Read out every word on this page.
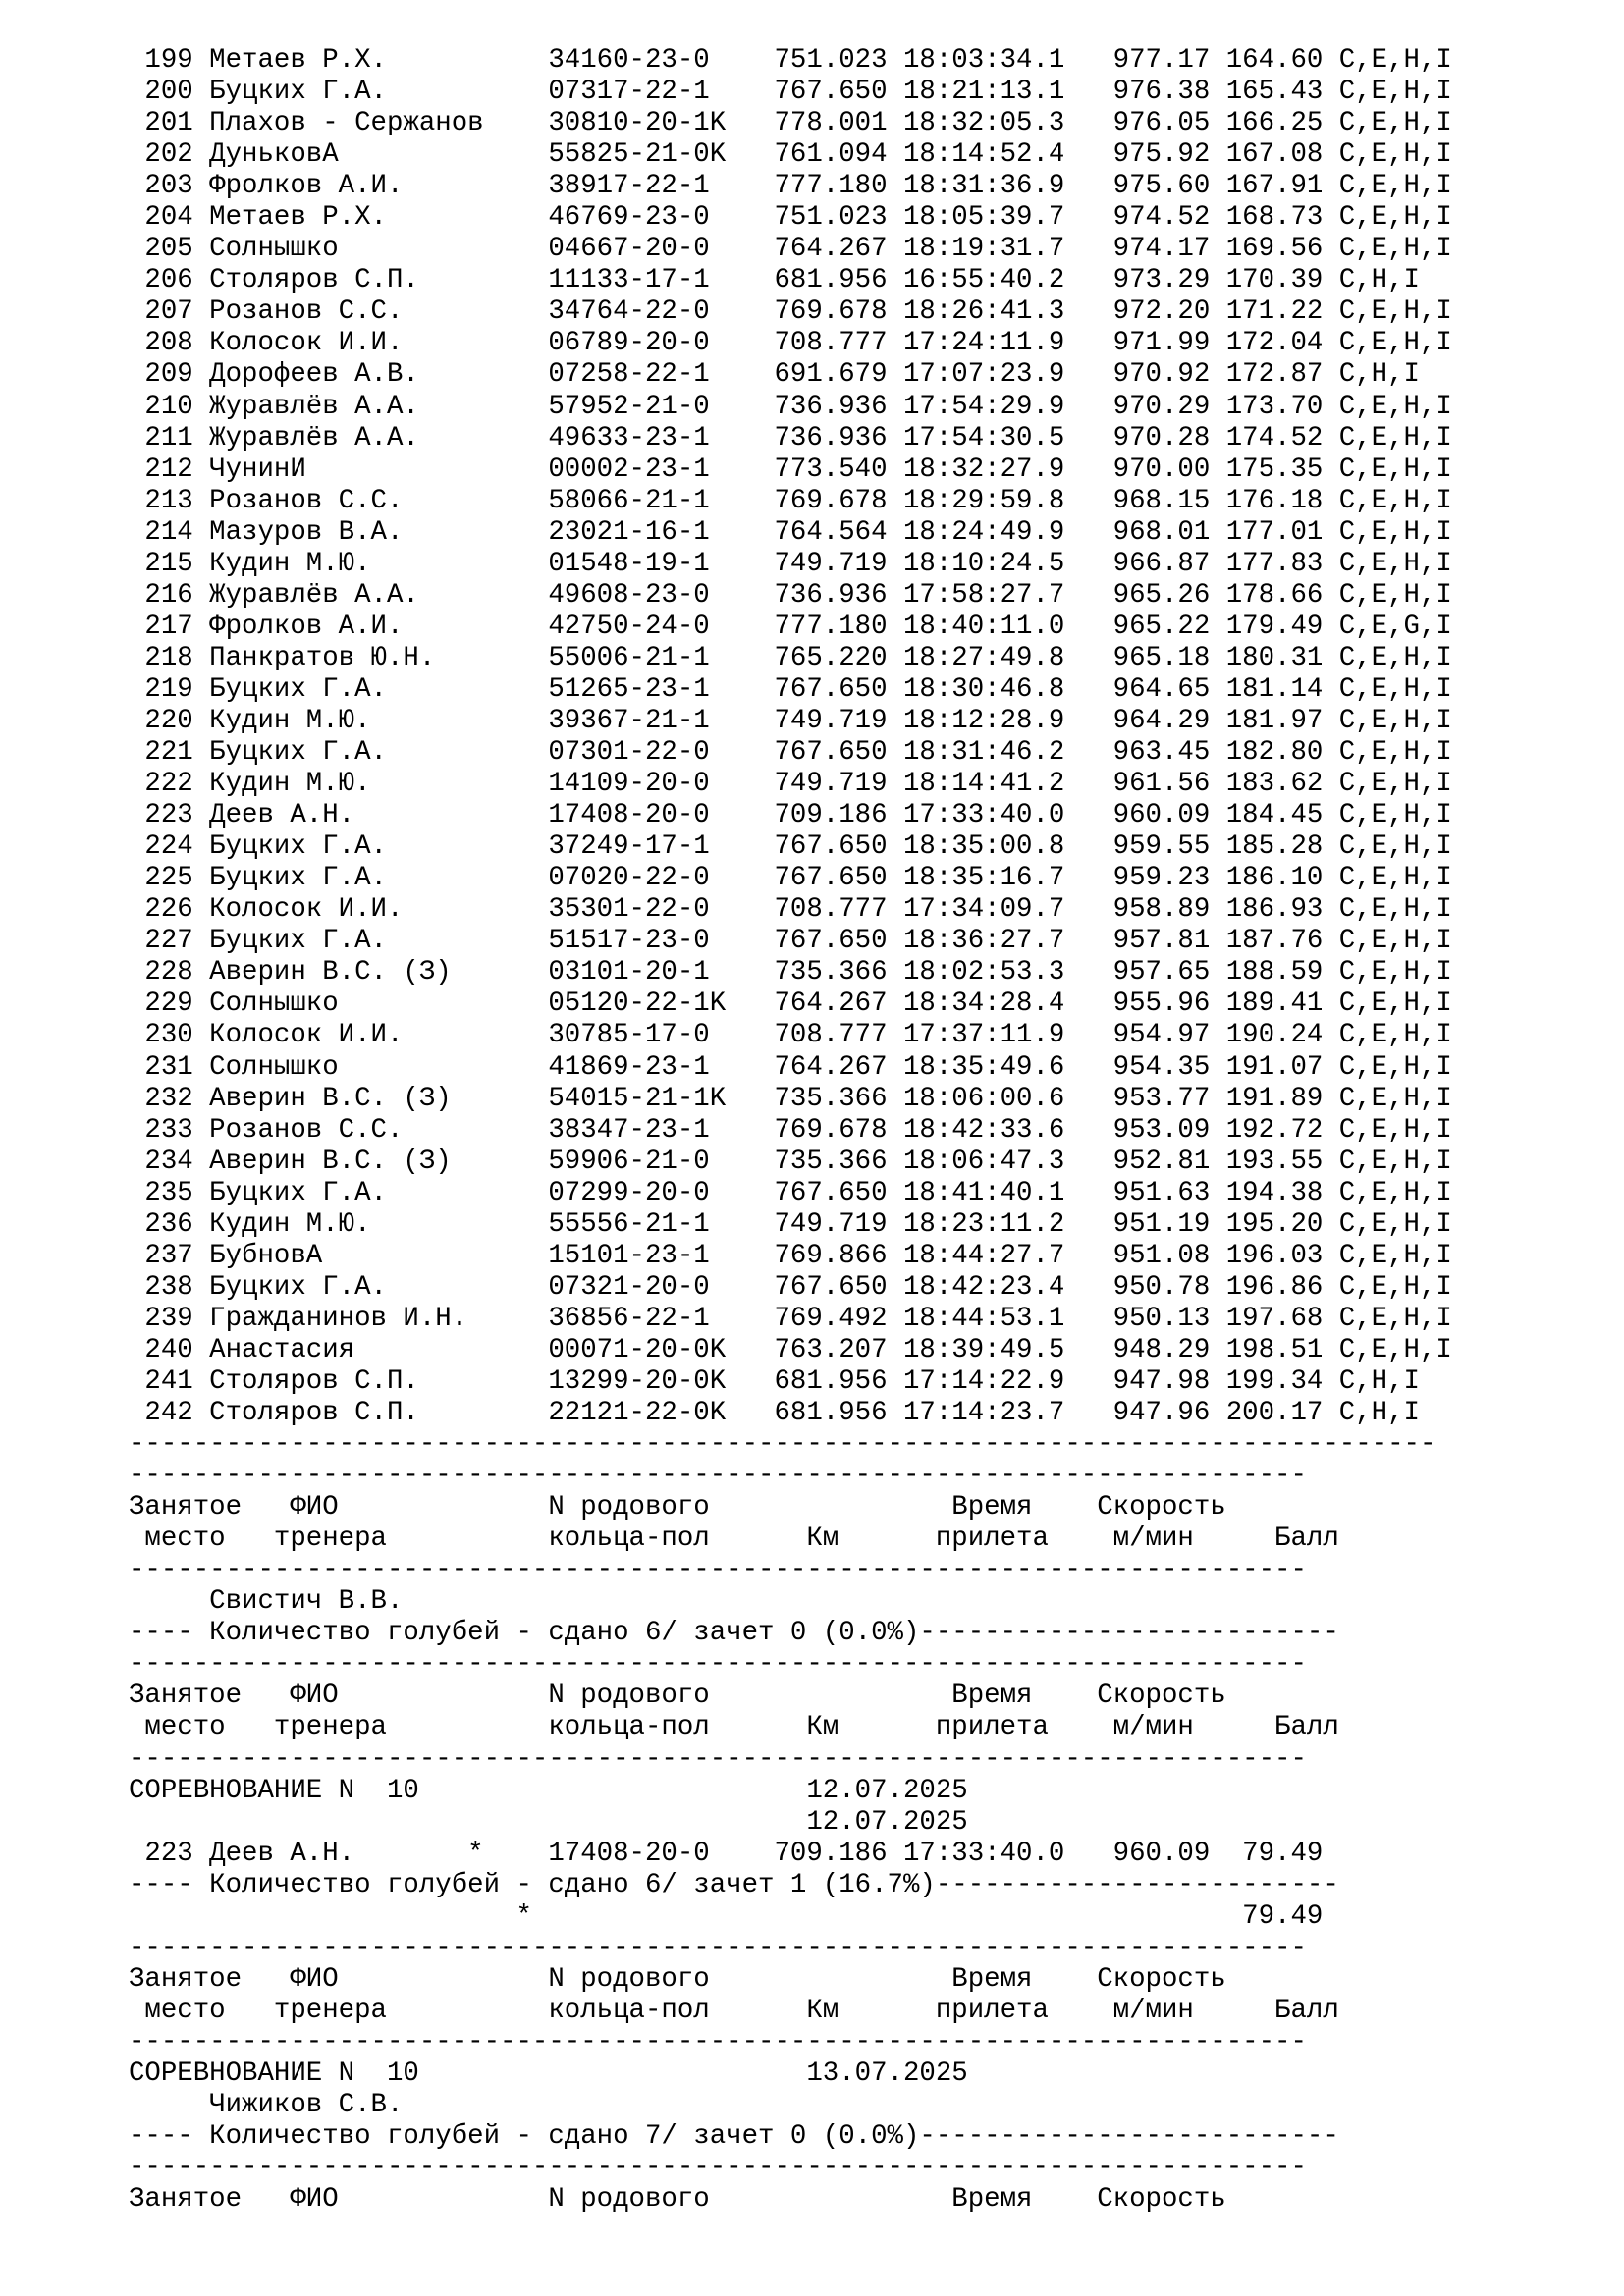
199 Метаев Р.Х.          34160-23-0    751.023 18:03:34.1   977.17 164.60 C,E,H,I
200 Буцких Г.А.          07317-22-1    767.650 18:21:13.1   976.38 165.43 C,E,H,I
201 Плахов - Сержанов    30810-20-1K   778.001 18:32:05.3   976.05 166.25 C,E,H,I
202 ДуньковА             55825-21-0K   761.094 18:14:52.4   975.92 167.08 C,E,H,I
203 Фролков А.И.         38917-22-1    777.180 18:31:36.9   975.60 167.91 C,E,H,I
204 Метаев Р.Х.          46769-23-0    751.023 18:05:39.7   974.52 168.73 C,E,H,I
205 Солнышко             04667-20-0    764.267 18:19:31.7   974.17 169.56 C,E,H,I
206 Столяров С.П.        11133-17-1    681.956 16:55:40.2   973.29 170.39 C,H,I
207 Розанов С.С.         34764-22-0    769.678 18:26:41.3   972.20 171.22 C,E,H,I
208 Колосок И.И.         06789-20-0    708.777 17:24:11.9   971.99 172.04 C,E,H,I
209 Дорофеев А.В.        07258-22-1    691.679 17:07:23.9   970.92 172.87 C,H,I
210 Журавлёв А.А.        57952-21-0    736.936 17:54:29.9   970.29 173.70 C,E,H,I
211 Журавлёв А.А.        49633-23-1    736.936 17:54:30.5   970.28 174.52 C,E,H,I
212 ЧунинИ               00002-23-1    773.540 18:32:27.9   970.00 175.35 C,E,H,I
213 Розанов С.С.         58066-21-1    769.678 18:29:59.8   968.15 176.18 C,E,H,I
214 Мазуров В.А.         23021-16-1    764.564 18:24:49.9   968.01 177.01 C,E,H,I
215 Кудин М.Ю.           01548-19-1    749.719 18:10:24.5   966.87 177.83 C,E,H,I
216 Журавлёв А.А.        49608-23-0    736.936 17:58:27.7   965.26 178.66 C,E,H,I
217 Фролков А.И.         42750-24-0    777.180 18:40:11.0   965.22 179.49 C,E,G,I
218 Панкратов Ю.Н.       55006-21-1    765.220 18:27:49.8   965.18 180.31 C,E,H,I
219 Буцких Г.А.          51265-23-1    767.650 18:30:46.8   964.65 181.14 C,E,H,I
220 Кудин М.Ю.           39367-21-1    749.719 18:12:28.9   964.29 181.97 C,E,H,I
221 Буцких Г.А.          07301-22-0    767.650 18:31:46.2   963.45 182.80 C,E,H,I
222 Кудин М.Ю.           14109-20-0    749.719 18:14:41.2   961.56 183.62 C,E,H,I
223 Деев А.Н.            17408-20-0    709.186 17:33:40.0   960.09 184.45 C,E,H,I
224 Буцких Г.А.          37249-17-1    767.650 18:35:00.8   959.55 185.28 C,E,H,I
225 Буцких Г.А.          07020-22-0    767.650 18:35:16.7   959.23 186.10 C,E,H,I
226 Колосок И.И.         35301-22-0    708.777 17:34:09.7   958.89 186.93 C,E,H,I
227 Буцких Г.А.          51517-23-0    767.650 18:36:27.7   957.81 187.76 C,E,H,I
228 Аверин В.С. (З)      03101-20-1    735.366 18:02:53.3   957.65 188.59 C,E,H,I
229 Солнышко             05120-22-1K   764.267 18:34:28.4   955.96 189.41 C,E,H,I
230 Колосок И.И.         30785-17-0    708.777 17:37:11.9   954.97 190.24 C,E,H,I
231 Солнышко             41869-23-1    764.267 18:35:49.6   954.35 191.07 C,E,H,I
232 Аверин В.С. (З)      54015-21-1K   735.366 18:06:00.6   953.77 191.89 C,E,H,I
233 Розанов С.С.         38347-23-1    769.678 18:42:33.6   953.09 192.72 C,E,H,I
234 Аверин В.С. (З)      59906-21-0    735.366 18:06:47.3   952.81 193.55 C,E,H,I
235 Буцких Г.А.          07299-20-0    767.650 18:41:40.1   951.63 194.38 C,E,H,I
236 Кудин М.Ю.           55556-21-1    749.719 18:23:11.2   951.19 195.20 C,E,H,I
237 БубновА              15101-23-1    769.866 18:44:27.7   951.08 196.03 C,E,H,I
238 Буцких Г.А.          07321-20-0    767.650 18:42:23.4   950.78 196.86 C,E,H,I
239 Гражданинов И.Н.     36856-22-1    769.492 18:44:53.1   950.13 197.68 C,E,H,I
240 Анастасия            00071-20-0K   763.207 18:39:49.5   948.29 198.51 C,E,H,I
241 Столяров С.П.        13299-20-0K   681.956 17:14:22.9   947.98 199.34 C,H,I
242 Столяров С.П.        22121-22-0K   681.956 17:14:23.7   947.96 200.17 C,H,I
---------------------------------------------------------------------------------
-------------------------------------------------------------------------
Занятое   ФИО             N родового               Время    Скорость
место   тренера          кольца-пол      Км      прилета    м/мин     Балл
-------------------------------------------------------------------------
Свистич В.В.
---- Количество голубей - сдано 6/ зачет 0 (0.0%)--------------------------
-------------------------------------------------------------------------
Занятое   ФИО             N родового               Время    Скорость
место   тренера          кольца-пол      Км      прилета    м/мин     Балл
-------------------------------------------------------------------------
СОРЕВНОВАНИЕ N  10                        12.07.2025
12.07.2025
223 Деев А.Н.       *    17408-20-0    709.186 17:33:40.0   960.09  79.49
---- Количество голубей - сдано 6/ зачет 1 (16.7%)-------------------------
*                                            79.49
-------------------------------------------------------------------------
Занятое   ФИО             N родового               Время    Скорость
место   тренера          кольца-пол      Км      прилета    м/мин     Балл
-------------------------------------------------------------------------
СОРЕВНОВАНИЕ N  10                        13.07.2025
Чижиков С.В.
---- Количество голубей - сдано 7/ зачет 0 (0.0%)--------------------------
-------------------------------------------------------------------------
Занятое   ФИО             N родового               Время    Скорость
